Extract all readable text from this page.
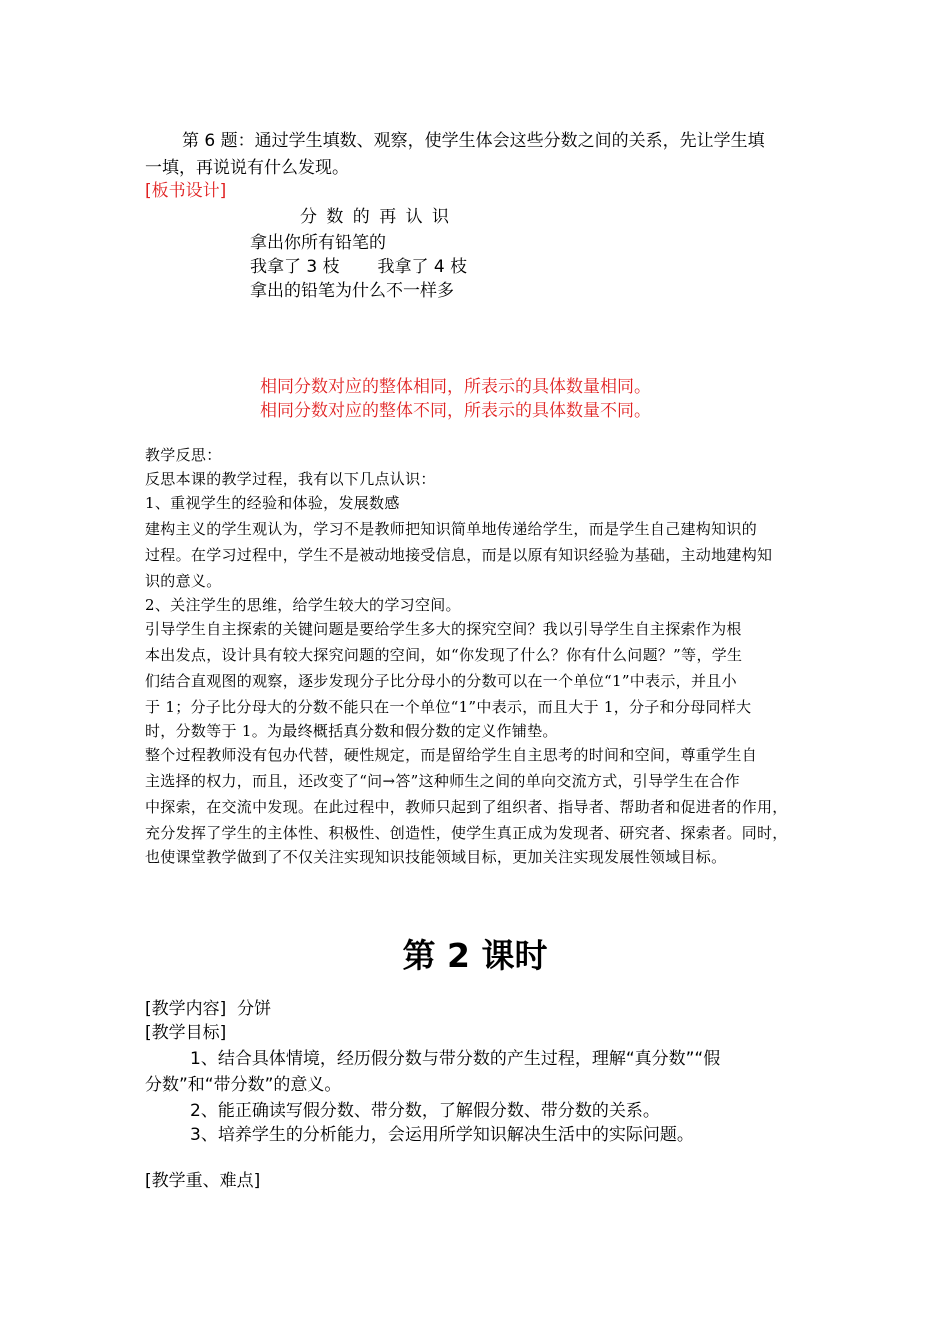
第 6 题：通过学生填数、观察，使学生体会这些分数之间的关系，先让学生填
一填，再说说有什么发现。
[板书设计]
分 数 的 再 认 识
拿出你所有铅笔的
我拿了 3 枝       我拿了 4 枝
拿出的铅笔为什么不一样多
相同分数对应的整体相同，所表示的具体数量相同。
相同分数对应的整体不同，所表示的具体数量不同。
教学反思：
反思本课的教学过程，我有以下几点认识：
1、重视学生的经验和体验，发展数感
建构主义的学生观认为，学习不是教师把知识简单地传递给学生，而是学生自己建构知识的
过程。在学习过程中，学生不是被动地接受信息，而是以原有知识经验为基础，主动地建构知
识的意义。
2、关注学生的思维，给学生较大的学习空间。
引导学生自主探索的关键问题是要给学生多大的探究空间？我以引导学生自主探索作为根
本出发点，设计具有较大探究问题的空间，如“你发现了什么？你有什么问题？”等，学生
们结合直观图的观察，逐步发现分子比分母小的分数可以在一个单位“1”中表示，并且小
于 1；分子比分母大的分数不能只在一个单位“1”中表示，而且大于 1，分子和分母同样大
时，分数等于 1。为最终概括真分数和假分数的定义作铺垫。
整个过程教师没有包办代替，硬性规定，而是留给学生自主思考的时间和空间，尊重学生自
主选择的权力，而且，还改变了“问→答”这种师生之间的单向交流方式，引导学生在合作
中探索，在交流中发现。在此过程中，教师只起到了组织者、指导者、帮助者和促进者的作用，
充分发挥了学生的主体性、积极性、创造性，使学生真正成为发现者、研究者、探索者。同时，
也使课堂教学做到了不仅关注实现知识技能领域目标，更加关注实现发展性领域目标。
第 2 课时
[教学内容]  分饼
[教学目标]
1、结合具体情境，经历假分数与带分数的产生过程，理解“真分数”“假
分数”和“带分数”的意义。
2、能正确读写假分数、带分数，了解假分数、带分数的关系。
3、培养学生的分析能力，会运用所学知识解决生活中的实际问题。
[教学重、难点]
